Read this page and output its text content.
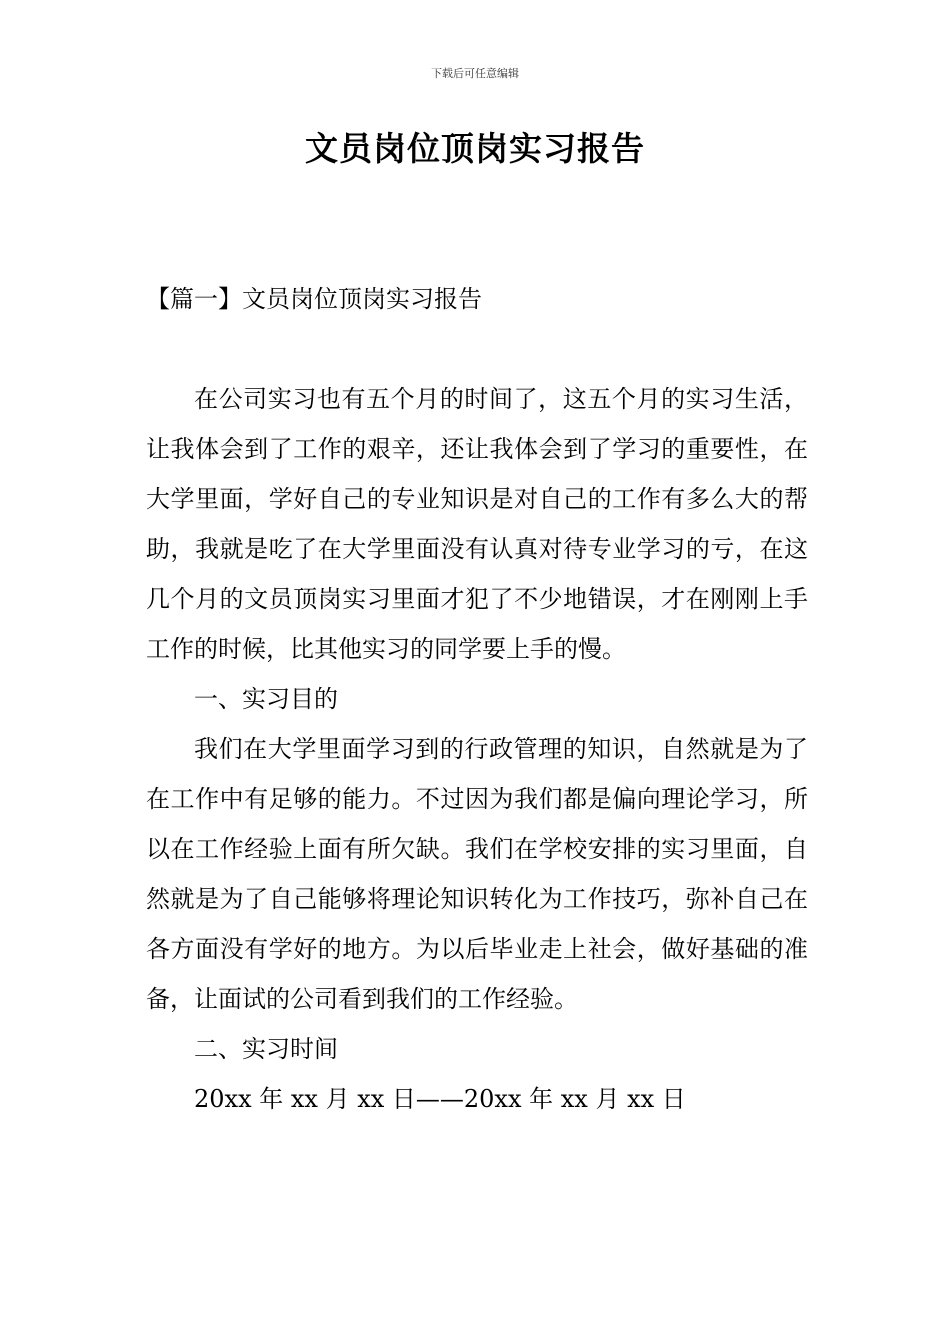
下载后可任意编辑
文员岗位顶岗实习报告
【篇一】文员岗位顶岗实习报告

在公司实习也有五个月的时间了，这五个月的实习生活，让我体会到了工作的艰辛，还让我体会到了学习的重要性，在大学里面，学好自己的专业知识是对自己的工作有多么大的帮助，我就是吃了在大学里面没有认真对待专业学习的亏，在这几个月的文员顶岗实习里面才犯了不少地错误，才在刚刚上手工作的时候，比其他实习的同学要上手的慢。

一、实习目的

我们在大学里面学习到的行政管理的知识，自然就是为了在工作中有足够的能力。不过因为我们都是偏向理论学习，所以在工作经验上面有所欠缺。我们在学校安排的实习里面，自然就是为了自己能够将理论知识转化为工作技巧，弥补自己在各方面没有学好的地方。为以后毕业走上社会，做好基础的准备，让面试的公司看到我们的工作经验。

二、实习时间

20xx 年 xx 月 xx 日——20xx 年 xx 月 xx 日
